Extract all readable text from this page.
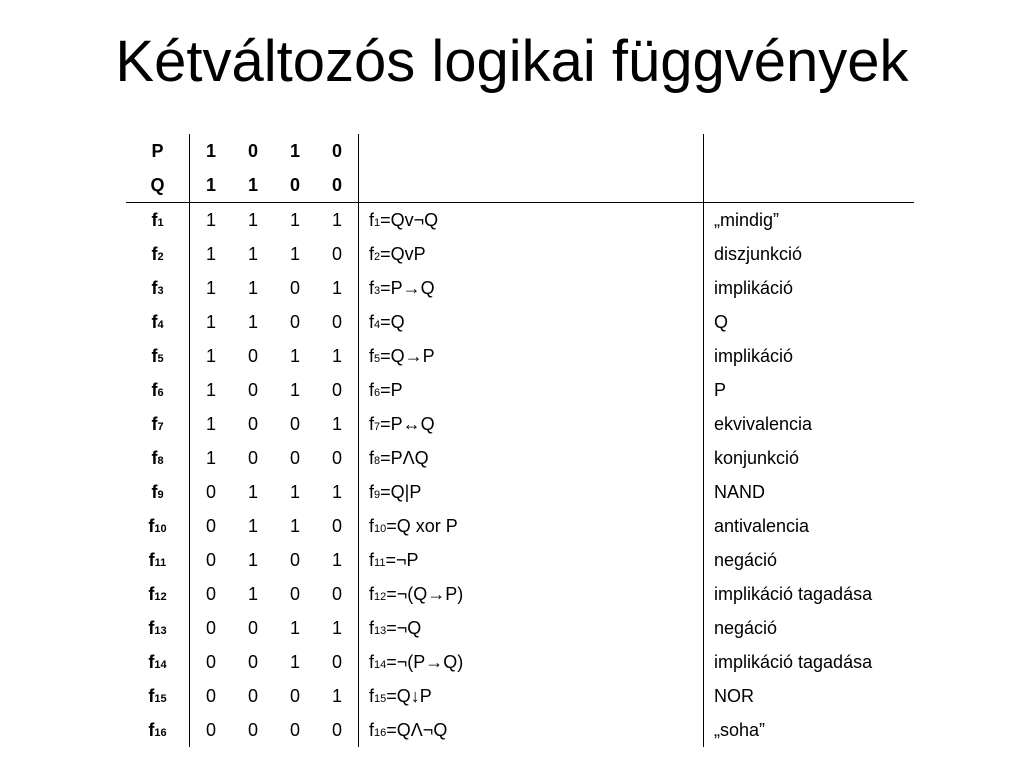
Kétváltozós logikai függvények
P	1	0	1	0		
Q	1	1	0	0		
f1	1	1	1	1	f1=Qv¬Q	„mindig”
f2	1	1	1	0	f2=QvP	diszjunkció
f3	1	1	0	1	f3=P→Q	implikáció
f4	1	1	0	0	f4=Q	Q
f5	1	0	1	1	f5=Q→P	implikáció
f6	1	0	1	0	f6=P	P
f7	1	0	0	1	f7=P↔Q	ekvivalencia
f8	1	0	0	0	f8=PΛQ	konjunkció
f9	0	1	1	1	f9=Q|P	NAND
f10	0	1	1	0	f10=Q xor P	antivalencia
f11	0	1	0	1	f11=¬P	negáció
f12	0	1	0	0	f12=¬(Q→P)	implikáció tagadása
f13	0	0	1	1	f13=¬Q	negáció
f14	0	0	1	0	f14=¬(P→Q)	implikáció tagadása
f15	0	0	0	1	f15=Q↓P	NOR
f16	0	0	0	0	f16=QΛ¬Q	„soha”
